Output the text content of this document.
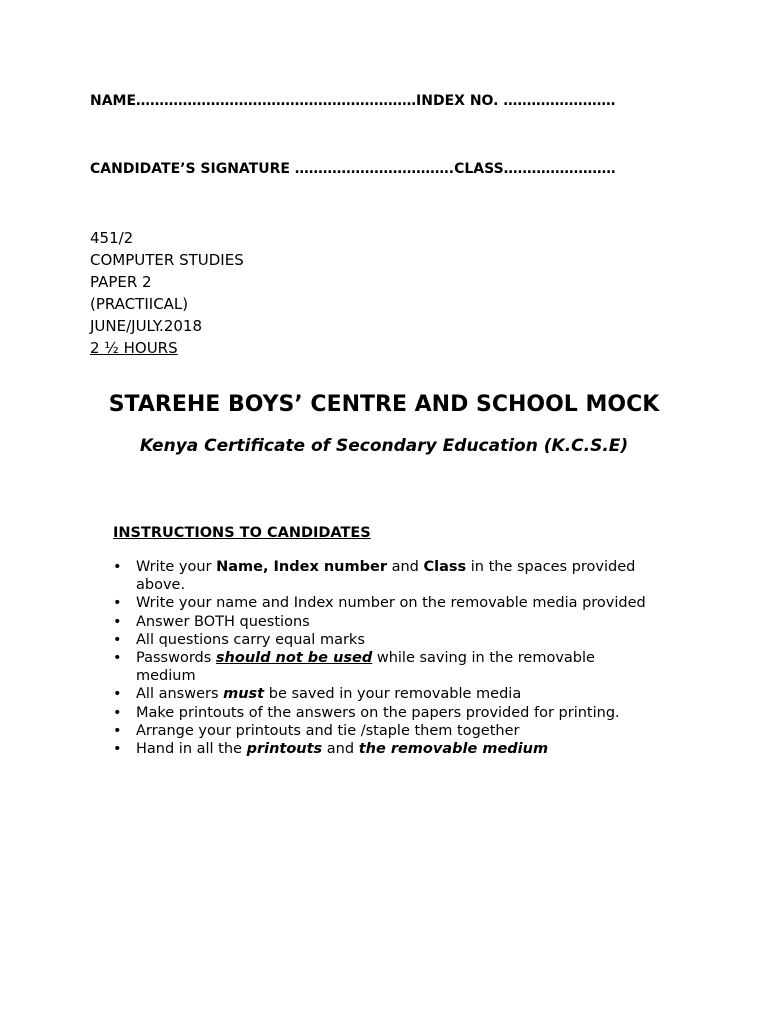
NAME……………………………………………………INDEX NO. ……………………
CANDIDATE’S SIGNATURE …………………………….CLASS……………………
451/2
COMPUTER STUDIES
PAPER 2
(PRACTIICAL)
JUNE/JULY.2018
2 ½ HOURS
STAREHE BOYS’ CENTRE AND SCHOOL MOCK
Kenya Certificate of Secondary Education (K.C.S.E)
INSTRUCTIONS TO CANDIDATES
• Write your Name, Index number and Class in the spaces provided above.
• Write your name and Index number on the removable media provided
• Answer BOTH questions
• All questions carry equal marks
• Passwords should not be used while saving in the removable medium
• All answers must be saved in your removable media
• Make printouts of the answers on the papers provided for printing.
• Arrange your printouts and tie /staple them together
• Hand in all the printouts and the removable medium
